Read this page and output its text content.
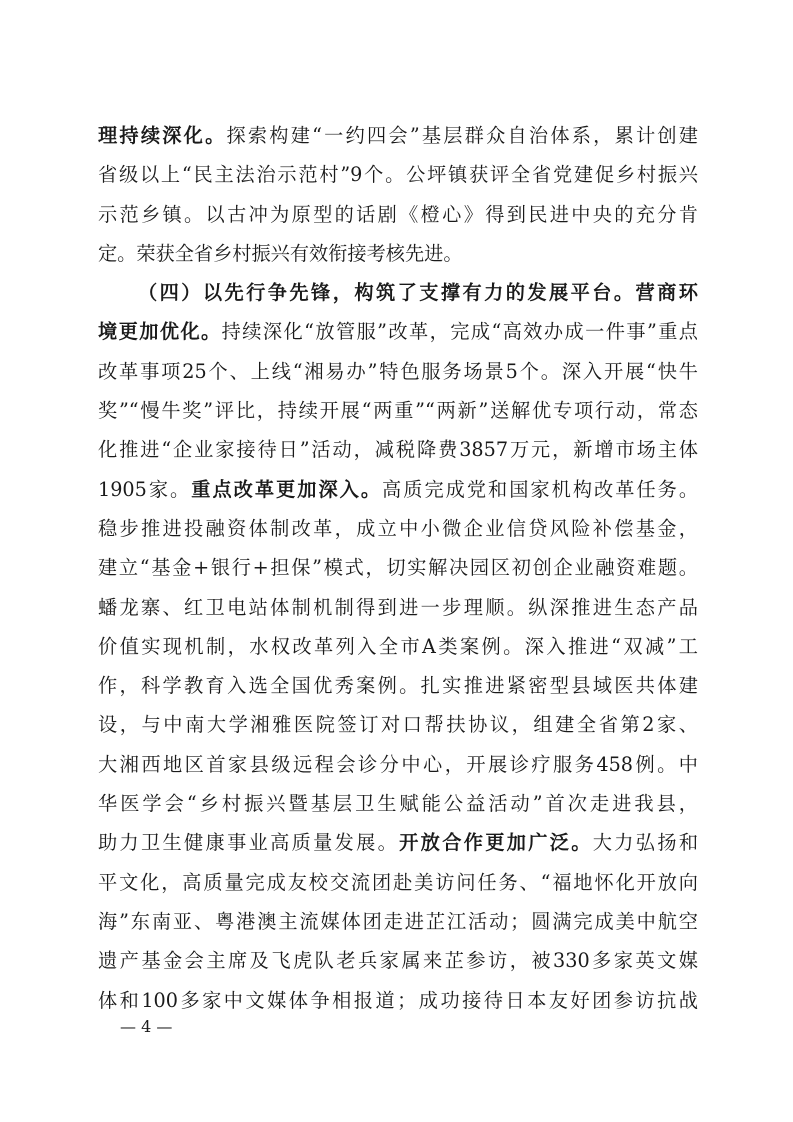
理持续深化。探索构建“一约四会”基层群众自治体系，累计创建
省级以上“民主法治示范村”9个。公坪镇获评全省党建促乡村振兴
示范乡镇。以古冲为原型的话剧《橙心》得到民进中央的充分肯
定。荣获全省乡村振兴有效衔接考核先进。
（四）以先行争先锋，构筑了支撑有力的发展平台。营商环
境更加优化。持续深化“放管服”改革，完成“高效办成一件事”重点
改革事项25个、上线“湘易办”特色服务场景5个。深入开展“快牛
奖”“慢牛奖”评比，持续开展“两重”“两新”送解优专项行动，常态
化推进“企业家接待日”活动，减税降费3857万元，新增市场主体
1905家。重点改革更加深入。高质完成党和国家机构改革任务。
稳步推进投融资体制改革，成立中小微企业信贷风险补偿基金，
建立“基金+银行+担保”模式，切实解决园区初创企业融资难题。
蟠龙寨、红卫电站体制机制得到进一步理顺。纵深推进生态产品
价值实现机制，水权改革列入全市A类案例。深入推进“双减”工
作，科学教育入选全国优秀案例。扎实推进紧密型县域医共体建
设，与中南大学湘雅医院签订对口帮扶协议，组建全省第2家、
大湘西地区首家县级远程会诊分中心，开展诊疗服务458例。中
华医学会“乡村振兴暨基层卫生赋能公益活动”首次走进我县，
助力卫生健康事业高质量发展。开放合作更加广泛。大力弘扬和
平文化，高质量完成友校交流团赴美访问任务、“福地怀化开放向
海”东南亚、粤港澳主流媒体团走进芷江活动；圆满完成美中航空
遗产基金会主席及飞虎队老兵家属来芷参访，被330多家英文媒
体和100多家中文媒体争相报道；成功接待日本友好团参访抗战
— 4 —
